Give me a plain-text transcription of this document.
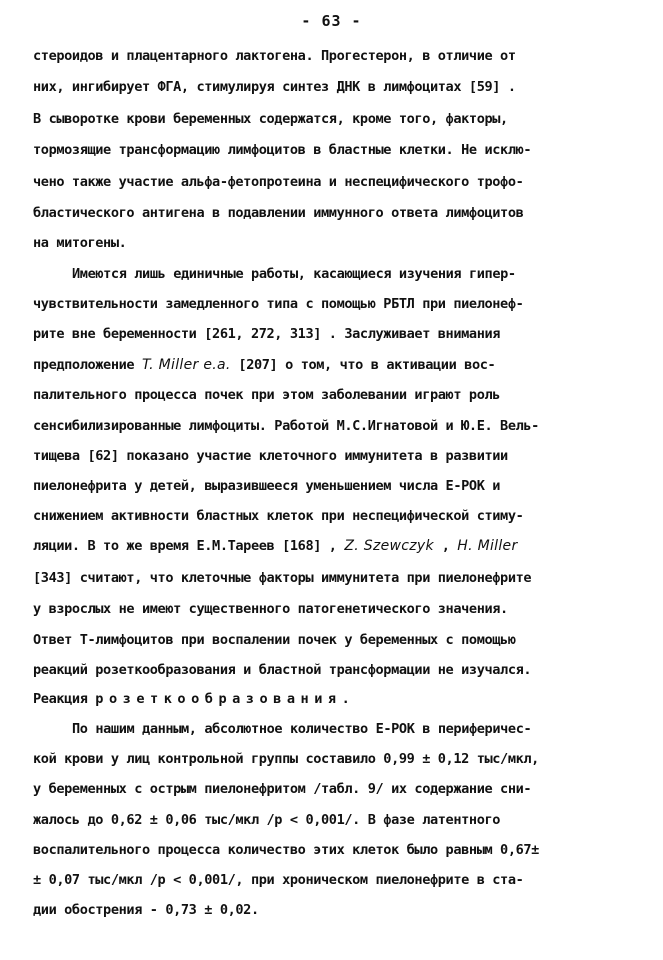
- 63 -
стероидов и плацентарного лактогена. Прогестерон, в отличие от
них, ингибирует ФГА, стимулируя синтез ДНК в лимфоцитах [59] .
В сыворотке крови беременных содержатся, кроме того, факторы,
тормозящие трансформацию лимфоцитов в бластные клетки. Не исклю-
чено также участие альфа-фетопротеина и неспецифического трофо-
бластического антигена в подавлении иммунного ответа лимфоцитов
на митогены.
Имеются лишь единичные работы, касающиеся изучения гипер-
чувствительности замедленного типа с помощью РБТЛ при пиелонеф-
рите вне беременности [261, 272, 313] . Заслуживает внимания
предположение T. Miller e.a. [207] о том, что в активации вос-
палительного процесса почек при этом заболевании играют роль
сенсибилизированные лимфоциты. Работой М.С.Игнатовой и Ю.Е. Вель-
тищева [62] показано участие клеточного иммунитета в развитии
пиелонефрита у детей, выразившееся уменьшением числа Е-РОК и
снижением активности бластных клеток при неспецифической стиму-
ляции. В то же время Е.М.Тареев [168] , Z. Szewczyk , H. Miller
[343] считают, что клеточные факторы иммунитета при пиелонефрите
у взрослых не имеют существенного патогенетического значения.
Ответ Т-лимфоцитов при воспалении почек у беременных с помощью
реакций розеткообразования и бластной трансформации не изучался.
Реакция розеткообразования.
По нашим данным, абсолютное количество Е-РОК в периферичес-
кой крови у лиц контрольной группы составило 0,99 ± 0,12 тыс/мкл,
у беременных с острым пиелонефритом /табл. 9/ их содержание сни-
жалось до 0,62 ± 0,06 тыс/мкл /p < 0,001/. В фазе латентного
воспалительного процесса количество этих клеток было равным 0,67±
± 0,07 тыс/мкл /p < 0,001/, при хроническом пиелонефрите в ста-
дии обострения - 0,73 ± 0,02.
